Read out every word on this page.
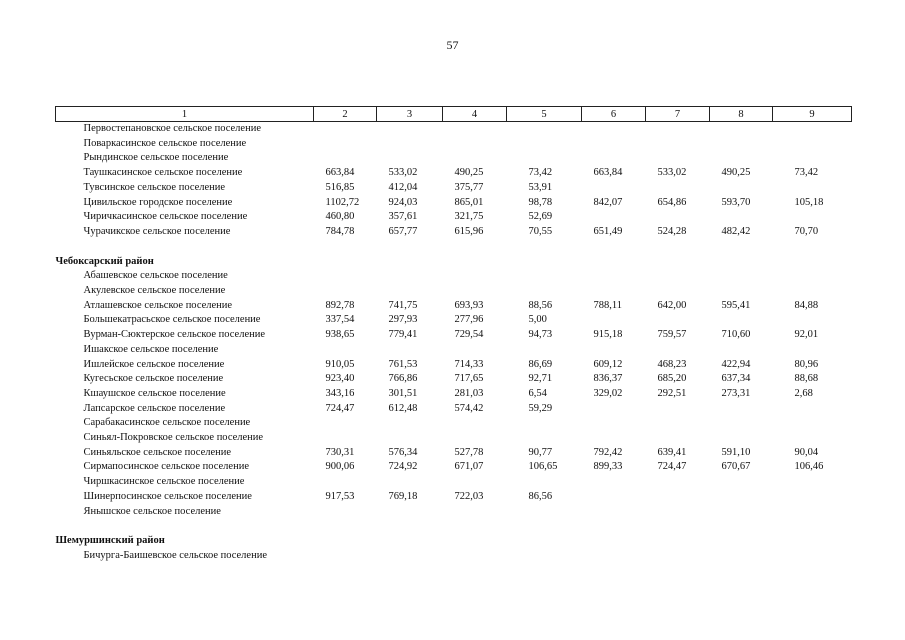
57
1	2	3	4	5	6	7	8	9
Первостепановское сельское поселение								
Поваркасинское сельское поселение								
Рындинское сельское поселение								
Таушкасинское сельское поселение	663,84	533,02	490,25	73,42	663,84	533,02	490,25	73,42
Тувсинское сельское поселение	516,85	412,04	375,77	53,91				
Цивильское городское поселение	1102,72	924,03	865,01	98,78	842,07	654,86	593,70	105,18
Чиричкасинское сельское поселение	460,80	357,61	321,75	52,69				
Чурачикское сельское поселение	784,78	657,77	615,96	70,55	651,49	524,28	482,42	70,70
Чебоксарский район								
Абашевское сельское поселение								
Акулевское сельское поселение								
Атлашевское сельское поселение	892,78	741,75	693,93	88,56	788,11	642,00	595,41	84,88
Большекатрасьское сельское поселение	337,54	297,93	277,96	5,00				

Вурман-Сюктерское сельское поселение	938,65	779,41	729,54	94,73	915,18	759,57	710,60	92,01
Ишакское сельское поселение								
Ишлейское сельское поселение	910,05	761,53	714,33	86,69	609,12	468,23	422,94	80,96
Кугесьское сельское поселение	923,40	766,86	717,65	92,71	836,37	685,20	637,34	88,68
Кшаушское сельское поселение	343,16	301,51	281,03	6,54	329,02	292,51	273,31	2,68
Лапсарское сельское поселение	724,47	612,48	574,42	59,29				
Сарабакасинское сельское поселение								
Синьял-Покровское сельское поселение								
Синьяльское сельское поселение	730,31	576,34	527,78	90,77	792,42	639,41	591,10	90,04
Сирмапосинское сельское поселение	900,06	724,92	671,07	106,65	899,33	724,47	670,67	106,46
Чиршкасинское сельское поселение								
Шинерпосинское сельское поселение	917,53	769,18	722,03	86,56				
Янышское сельское поселение								
Шемуршинский район								

Бичурга-Баишевское сельское поселение								
